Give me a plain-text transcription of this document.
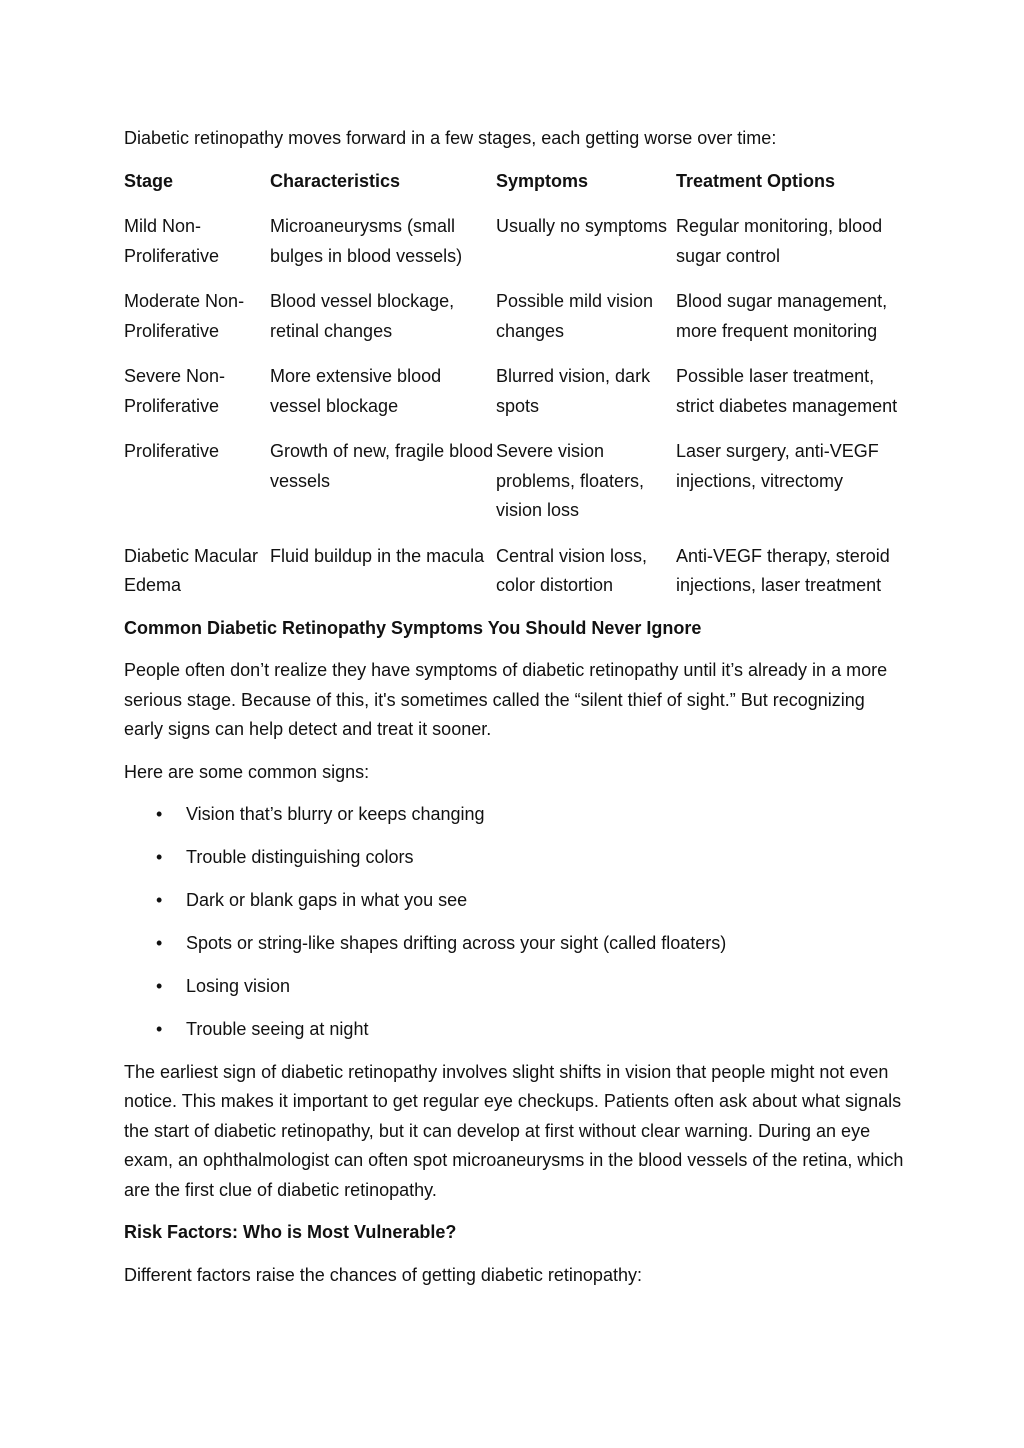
Diabetic retinopathy moves forward in a few stages, each getting worse over time:

Stage	Characteristics	Symptoms	Treatment Options
Mild Non-Proliferative	Microaneurysms (small bulges in blood vessels)	Usually no symptoms	Regular monitoring, blood sugar control
Moderate Non-Proliferative	Blood vessel blockage, retinal changes	Possible mild vision changes	Blood sugar management, more frequent monitoring
Severe Non-Proliferative	More extensive blood vessel blockage	Blurred vision, dark spots	Possible laser treatment, strict diabetes management
Proliferative	Growth of new, fragile blood vessels	Severe vision problems, floaters, vision loss	Laser surgery, anti-VEGF injections, vitrectomy
Diabetic Macular Edema	Fluid buildup in the macula	Central vision loss, color distortion	Anti-VEGF therapy, steroid injections, laser treatment
Common Diabetic Retinopathy Symptoms You Should Never Ignore

People often don’t realize they have symptoms of diabetic retinopathy until it’s already in a more serious stage. Because of this, it's sometimes called the “silent thief of sight.” But recognizing early signs can help detect and treat it sooner.

Here are some common signs:

• Vision that’s blurry or keeps changing
• Trouble distinguishing colors
• Dark or blank gaps in what you see
• Spots or string-like shapes drifting across your sight (called floaters)
• Losing vision
• Trouble seeing at night

The earliest sign of diabetic retinopathy involves slight shifts in vision that people might not even notice. This makes it important to get regular eye checkups. Patients often ask about what signals the start of diabetic retinopathy, but it can develop at first without clear warning. During an eye exam, an ophthalmologist can often spot microaneurysms in the blood vessels of the retina, which are the first clue of diabetic retinopathy.

Risk Factors: Who is Most Vulnerable?

Different factors raise the chances of getting diabetic retinopathy:
